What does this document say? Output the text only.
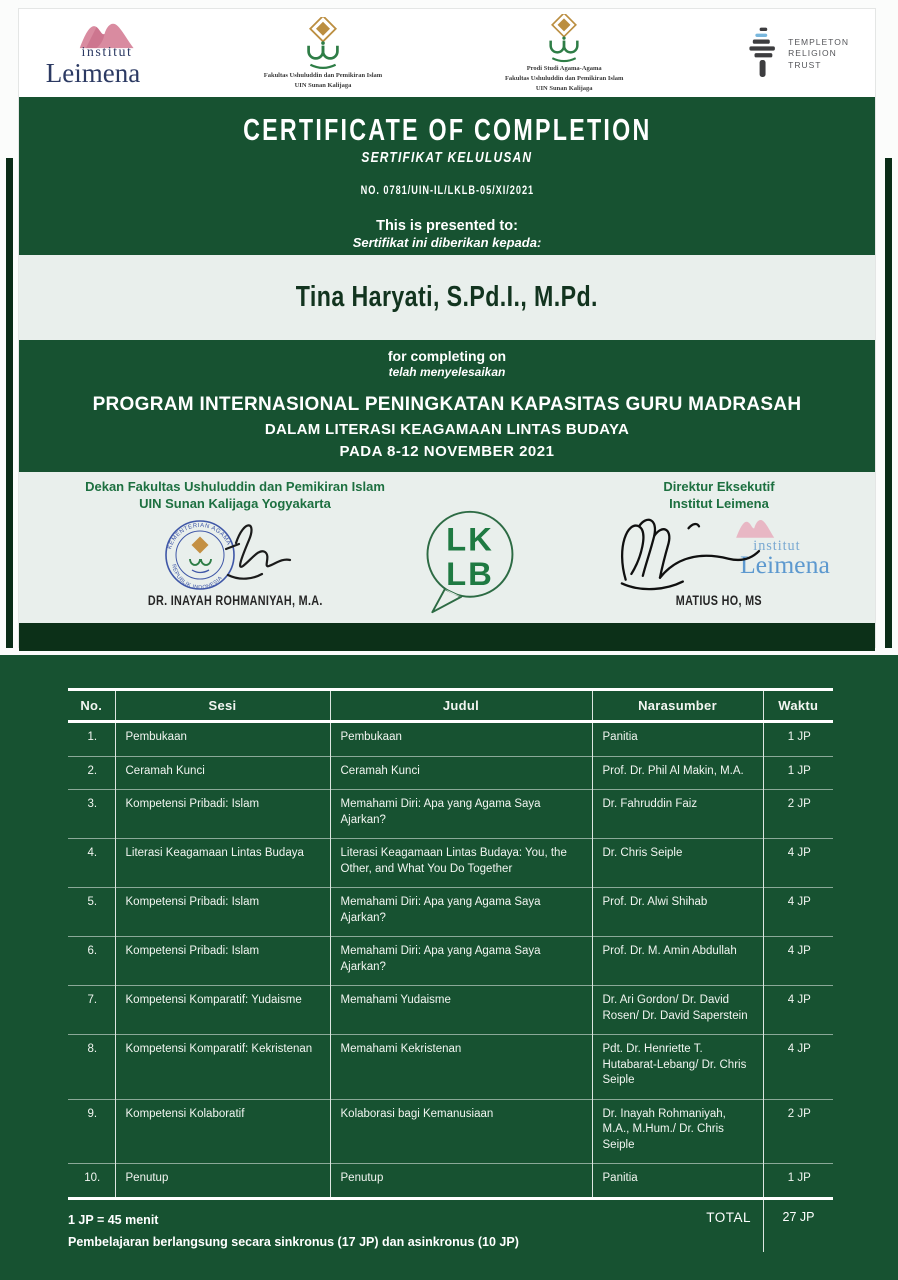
institut
Leimena	Fakultas Ushuluddin dan Pemikiran Islam
UIN Sunan Kalijaga
Prodi Studi Agama-Agama
Fakultas Ushuluddin dan Pemikiran Islam
UIN Sunan Kalijaga
TEMPLETON
RELIGION
TRUST
CERTIFICATE OF COMPLETION
SERTIFIKAT KELULUSAN
NO. 0781/UIN-IL/LKLB-05/XI/2021
This is presented to:
Sertifikat ini diberikan kepada:
Tina Haryati, S.Pd.I., M.Pd.
for completing on
telah menyelesaikan
PROGRAM INTERNASIONAL PENINGKATAN KAPASITAS GURU MADRASAH
DALAM LITERASI KEAGAMAAN LINTAS BUDAYA
PADA 8-12 NOVEMBER 2021
Dekan Fakultas Ushuluddin dan Pemikiran Islam
UIN Sunan Kalijaga Yogyakarta
KEMENTERIAN AGAMA
REPUBLIK INDONESIA
DR. INAYAH ROHMANIYAH, M.A.
LK
LB
Direktur Eksekutif
Institut Leimena
institut
Leimena
MATIUS HO, MS
No.	Sesi	Judul	Narasumber	Waktu
1.	Pembukaan	Pembukaan	Panitia	1 JP
2.	Ceramah Kunci	Ceramah Kunci	Prof. Dr. Phil Al Makin, M.A.	1 JP
3.	Kompetensi Pribadi: Islam	Memahami Diri: Apa yang Agama Saya Ajarkan?	Dr. Fahruddin Faiz	2 JP
4.	Literasi Keagamaan Lintas Budaya	Literasi Keagamaan Lintas Budaya: You, the Other, and What You Do Together	Dr. Chris Seiple	4 JP
5.	Kompetensi Pribadi: Islam	Memahami Diri: Apa yang Agama Saya Ajarkan?	Prof. Dr. Alwi Shihab	4 JP
6.	Kompetensi Pribadi: Islam	Memahami Diri: Apa yang Agama Saya Ajarkan?	Prof. Dr. M. Amin Abdullah	4 JP
7.	Kompetensi Komparatif: Yudaisme	Memahami Yudaisme	Dr. Ari Gordon/ Dr. David Rosen/ Dr. David Saperstein	4 JP
8.	Kompetensi Komparatif: Kekristenan	Memahami Kekristenan	Pdt. Dr. Henriette T. Hutabarat-Lebang/ Dr. Chris Seiple	4 JP
9.	Kompetensi Kolaboratif	Kolaborasi bagi Kemanusiaan	Dr. Inayah Rohmaniyah, M.A., M.Hum./ Dr. Chris Seiple	2 JP
10.	Penutup	Penutup	Panitia	1 JP
1 JP = 45 menit
Pembelajaran berlangsung secara sinkronus (17 JP) dan asinkronus (10 JP)
TOTAL	27 JP
